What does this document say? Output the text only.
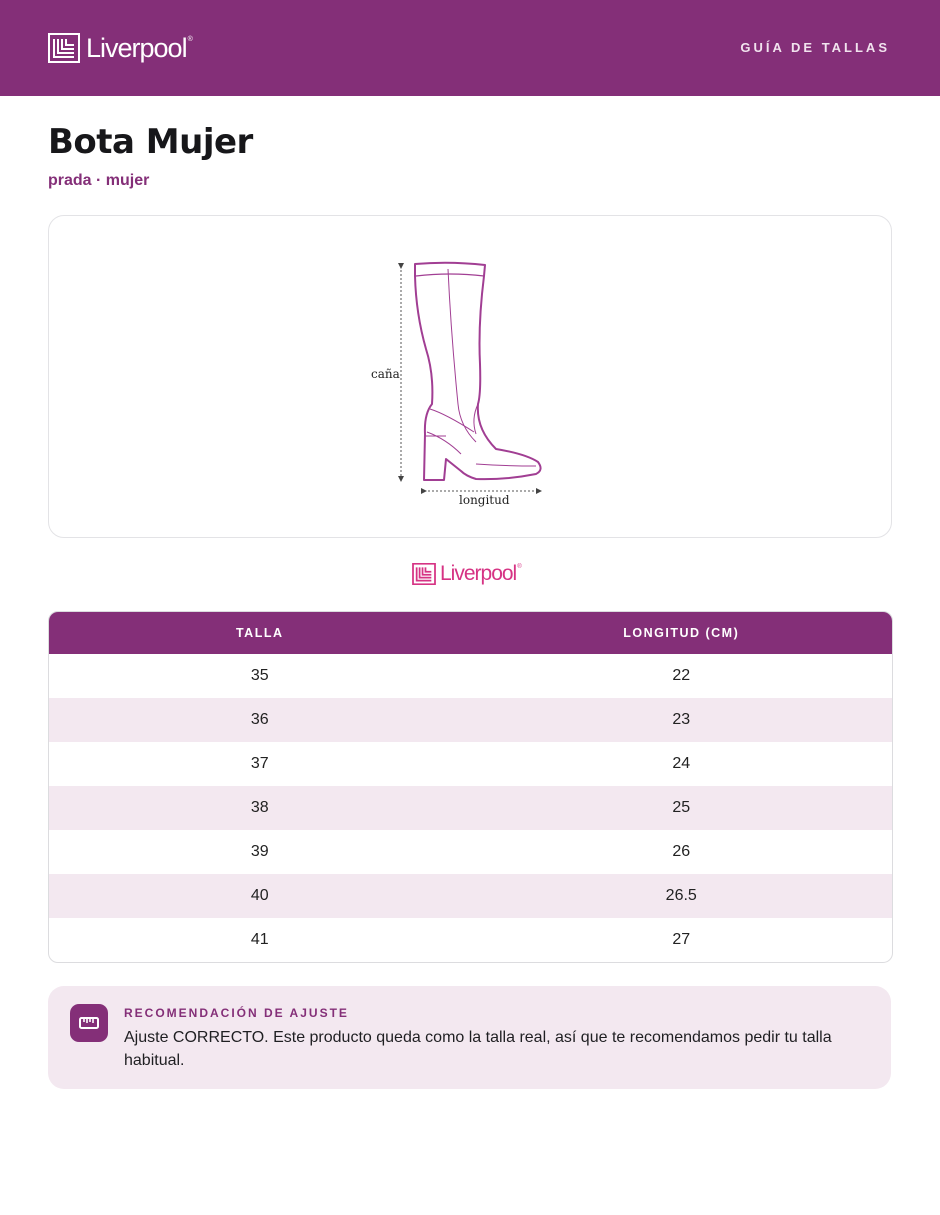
Liverpool ®
GUÍA DE TALLAS
Bota Mujer
prada · mujer
caña
longitud
Liverpool ®
TALLA	LONGITUD (CM)
35	22
36	23
37	24
38	25
39	26
40	26.5
41	27
RECOMENDACIÓN DE AJUSTE
Ajuste CORRECTO. Este producto queda como la talla real, así que te recomendamos pedir tu talla habitual.
